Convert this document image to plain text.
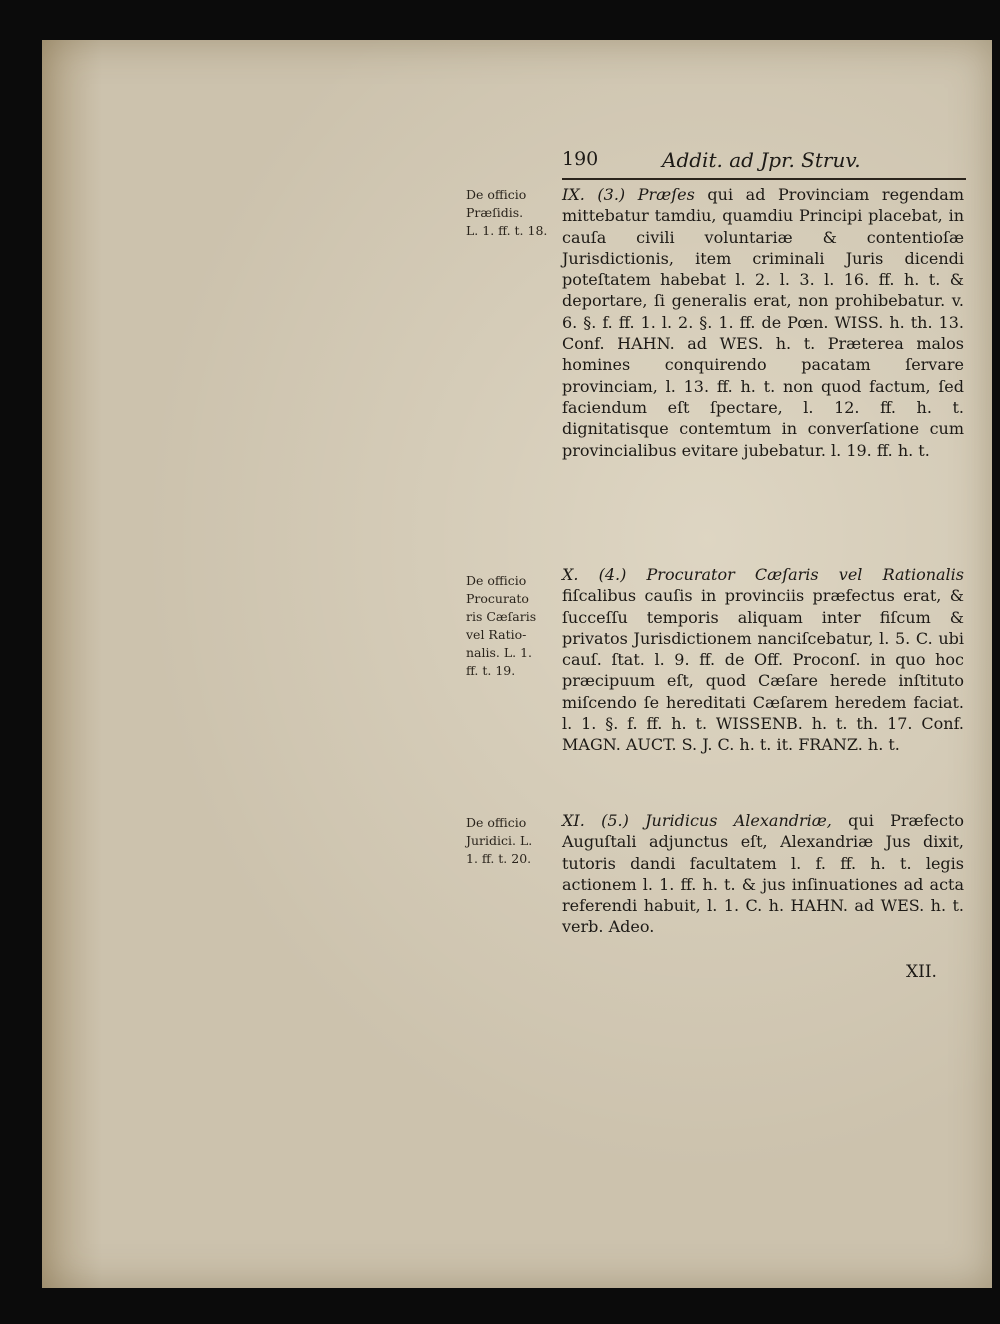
190	Addit. ad Jpr. Struv.
De officio
Præſidis.
L. 1. ff. t. 18.
De officio
Procurato
ris Cæſaris
vel Ratio-
nalis. L. 1.
ff. t. 19.
De officio
Juridici. L.
1. ff. t. 20.
IX. (3.) Præſes qui ad Provinciam regendam mittebatur tamdiu, quamdiu Principi placebat, in cauſa civili voluntariæ & contentioſæ Jurisdictionis, item criminali Juris dicendi poteſtatem habebat l. 2. l. 3. l. 16. ff. h. t. & deportare, ſi generalis erat, non prohibebatur. v. 6. §. f. ff. 1. l. 2. §. 1. ff. de Pœn. WISS. h. th. 13. Conf. HAHN. ad WES. h. t. Præterea malos homines conquirendo pacatam ſervare provinciam, l. 13. ff. h. t. non quod factum, ſed faciendum eſt ſpectare, l. 12. ff. h. t. dignitatisque contemtum in converſatione cum provincialibus evitare jubebatur. l. 19. ff. h. t.
X. (4.) Procurator Cæſaris vel Rationalis fiſcalibus cauſis in provinciis præfectus erat, & ſucceſſu temporis aliquam inter fiſcum & privatos Jurisdictionem nanciſcebatur, l. 5. C. ubi cauſ. ſtat. l. 9. ff. de Off. Proconſ. in quo hoc præcipuum eſt, quod Cæſare herede inſtituto miſcendo ſe hereditati Cæſarem heredem faciat. l. 1. §. f. ff. h. t. WISSENB. h. t. th. 17. Conf. MAGN. AUCT. S. J. C. h. t. it. FRANZ. h. t.
XI. (5.) Juridicus Alexandriæ, qui Præfecto Auguſtali adjunctus eſt, Alexandriæ Jus dixit, tutoris dandi facultatem l. f. ff. h. t. legis actionem l. 1. ff. h. t. & jus inſinuationes ad acta referendi habuit, l. 1. C. h. HAHN. ad WES. h. t. verb. Adeo.
XII.
